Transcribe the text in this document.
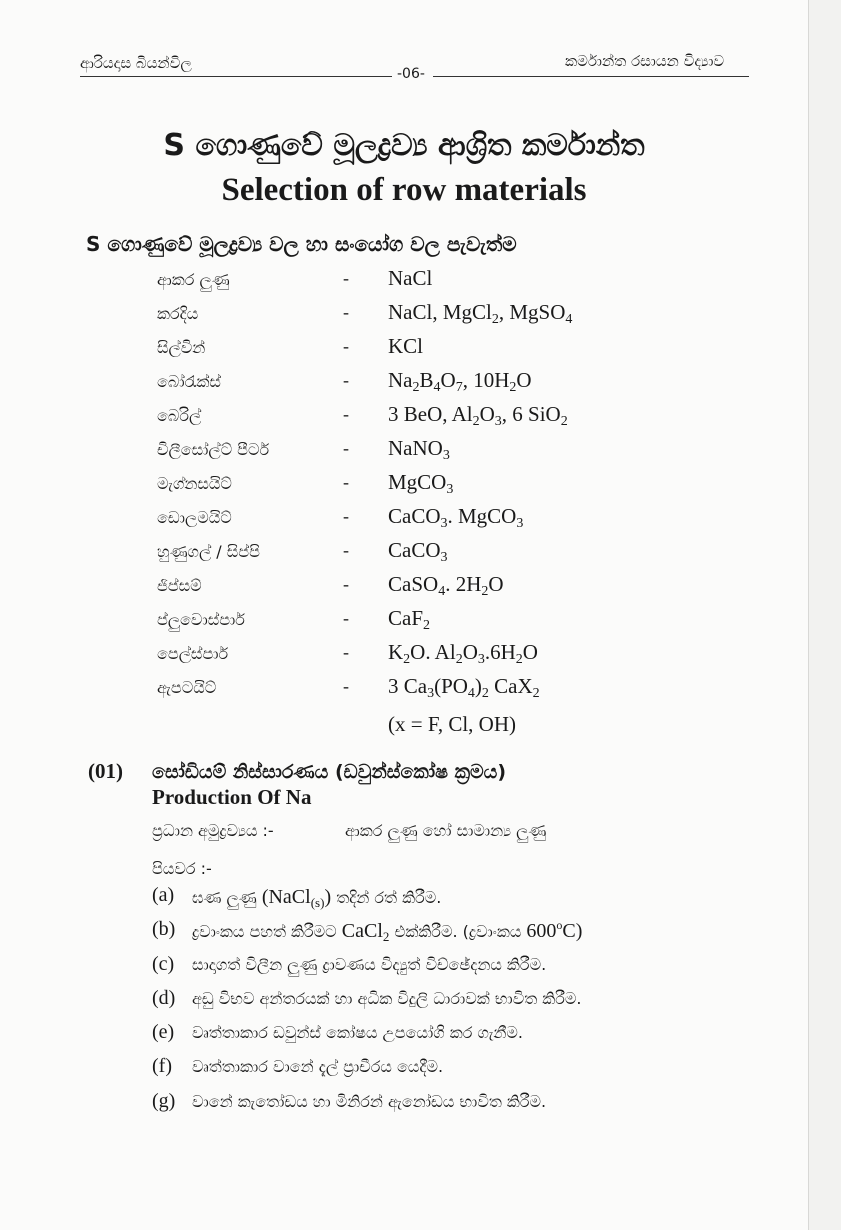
ආරියදාස බියන්විල
-06-
කර්මාන්ත රසායන විද්‍යාව
S ගොණුවේ මූලද්‍රව්‍ය ආශ්‍රිත කර්මාන්ත
Selection of row materials
S ගොණුවේ මූලද්‍රව්‍ය වල හා සංයෝග වල පැවැත්ම
ආකර ලුණු	- NaCl
කරදිය	- NaCl, MgCl$_2$, MgSO$_4$
සිල්වින්	- KCl
බෝරැක්ස්	- $Na_2B_4O_7$, $10H_2O$
බෙරිල්	- 3 BeO, $Al_2O_3$, 6 SiO$_2$
චිලීසෝල්ට් පීටර්	- NaNO$_3$
මැග්නසයිට්	- MgCO$_3$
ඩොලමයිට්	- CaCO$_3$. MgCO$_3$
හුණුගල් / සිප්පි	- CaCO$_3$
ජිප්සම්	- CaSO$_4$. $2H_2O$
ප්ලුවොස්පාර්	- CaF$_2$
පෙල්ස්පාර්	- $K_2O$. $Al_2O_3.6H_2O$
ඇපටයිට්	- 3 $Ca_3(PO_4)_2$ CaX$_2$
(x = F, Cl, OH)
(01) සෝඩියම් නිස්සාරණය (ඩවුන්ස්කෝෂ ක්‍රමය)
Production Of Na
ප්‍රධාන අමුද්‍රව්‍යය :-	ආකර ලුණු හෝ සාමාන්‍ය ලුණු
පියවර :-
(a) ඝණ ලුණු (NaCl$_{(s)}$) තදින් රත් කිරීම.
(b) ද්‍රවාංකය පහත් කිරීමට CaCl$_2$ එක්කිරීම. (ද්‍රවාංකය 600$^o$C)
(c) සාදාගත් විලීන ලුණු ද්‍රාවණය විද්‍යුත් විච්ඡේදනය කිරීම.
(d) අඩු විභව අන්තරයක් හා අධික විදුලි ධාරාවක් භාවිත කිරීම.
(e) වෘත්තාකාර ඩවුන්ස් කෝෂය උපයෝගි කර ගැනීම.
(f) වෘත්තාකාර වානේ දැල් ප්‍රාචීරය යෙදීම.
(g) වානේ කැතෝඩය හා මිනිරන් ඇනෝඩය භාවිත කිරීම.
